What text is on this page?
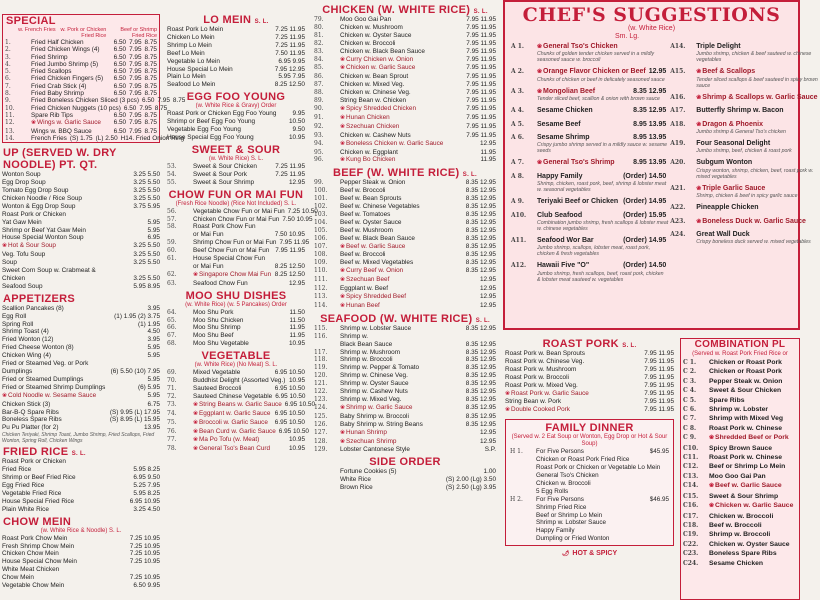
SPECIAL
w. French Fries w. Pork or Chicken Fried Rice
Beef or Shrimp Fried Rice
1.	Fried Half Chicken	6.50 7.95 8.75
2.	Fried Chicken Wings (4)	6.50 7.95 8.75
3.	Fried Shrimp	6.50 7.95 8.75
4.	Fried Jumbo Shrimp (5)	6.50 7.95 8.75
5.	Fried Scallops	6.50 7.95 8.75
6.	Fried Chicken Fingers (5)	6.50 7.95 8.75
7.	Fried Crab Stick (4)	6.50 7.95 8.75
8.	Fried Baby Shrimp	6.50 7.95 8.75
9.	Fried Boneless Chicken Sliced (3 pcs) 6.50 7.95 8.75
10.	Fried Chicken Nuggets (10 pcs) 6.50 7.95 8.75
11.	Spare Rib Tips	6.50 7.95 8.75
12.	❀Wings w. Garlic Sauce	6.50 7.95 8.75
13.	Wings w. BBQ Sauce	6.50 7.95 8.75
14.	French Fries (S) 1.75 (L) 2.50 H14. Fried Onion Ring
UP (SERVED W. DRY NOODLE) PT. QT.
Wonton Soup	3.25 5.50
Egg Drop Soup	3.25 5.50
Tomato Egg Drop Soup	3.25 5.50
Chicken Noodle / Rice Soup	3.25 5.50
Wonton & Egg Drop Soup	3.75 5.95
Roast Pork or Chicken
Yat Gaw Mein	5.95
Shrimp or Beef Yat Gaw Mein	5.95
House Special Wonton Soup	6.95
❀Hot & Sour Soup	3.25 5.50
Veg. Tofu Soup	3.25 5.50
Soup	3.25 5.50
Sweet Corn Soup w. Crabmeat &
Chicken	3.25 5.50
Seafood Soup	5.95 8.95
APPETIZERS
Scallion Pancakes (8)	3.95
Egg Roll	(1) 1.95 (2) 3.75
Spring Roll	(1) 1.95
Shrimp Toast (4)	4.50
Fried Wonton (12)	3.95
Fried Cheese Wonton (8)	5.95
Chicken Wing (4)	5.95
Fried or Steamed Veg. or Pork
Dumplings	(6) 5.50 (10) 7.95
Fried or Steamed Dumplings	5.95
Fried or Steamed Shrimp Dumplings	(6) 5.95
❀Cold Noodle w. Sesame Sauce	5.95
Chicken Stick (3)	6.75
Bar-B-Q Spare Ribs	(S) 9.95 (L) 17.95
Boneless Spare Ribs	(S) 8.95 (L) 15.95
Pu Pu Platter (for 2)	13.95
Chicken Teriyaki, Shrimp Toast, Jumbo Shrimp, Fried Scallops, Fried Wonton, Spring Roll, Chicken Wings
FRIED RICE S. L.
Roast Pork or Chicken
Fried Rice	5.95 8.25
Shrimp or Beef Fried Rice	6.95 9.50
Egg Fried Rice	5.25 7.95
Vegetable Fried Rice	5.95 8.25
House Special Fried Rice	6.95 10.95
Plain White Rice	3.25 4.50
CHOW MEIN
(w. White Rice & Noodle) S. L.
Roast Pork Chow Mein	7.25 10.95
Fresh Shrimp Chow Mein	7.25 10.95
Chicken Chow Mein	7.25 10.95
House Special Chow Mein	7.25 10.95
White Meat Chicken
Chow Mein	7.25 10.95
Vegetable Chow Mein	6.50 9.95
LO MEIN S. L.
Roast Pork Lo Mein	7.25 11.95
Chicken Lo Mein	7.25 11.95
Shrimp Lo Mein	7.25 11.95
Beef Lo Mein	7.50 11.95
Vegetable Lo Mein	6.95 9.95
House Special Lo Mein	7.95 12.95
Plain Lo Mein	5.95 7.95
Seafood Lo Mein	8.25 12.50
EGG FOO YOUNG
(w. White Rice & Gravy) Order
Roast Pork or Chicken Egg Foo Young	9.95
Shrimp or Beef Egg Foo Young	10.50
Vegetable Egg Foo Young	9.50
House Special Egg Foo Young	10.95
SWEET & SOUR
(w. White Rice) S. L.
53.	Sweet & Sour Chicken	7.25 11.95
54.	Sweet & Sour Pork	7.25 11.95
55.	Sweet & Sour Shrimp	12.95
CHOW FUN OR MAI FUN
(Fresh Rice Noodle) (Rice Not Included) S. L.
56.	Vegetable Chow Fun or Mai Fun 7.25 10.50
57.	Chicken Chow Fun or Mai Fun 7.50 10.95
58.	Roast Pork Chow Fun
or Mai Fun	7.50 10.95
59.	Shrimp Chow Fun or Mai Fun 7.95 11.95
60.	Beef Chow Fun or Mai Fun 7.95 11.95
61.	House Special Chow Fun
or Mai Fun	8.25 12.50
62.	❀Singapore Chow Mai Fun 8.25 12.50
63.	Seafood Chow Fun	12.95
MOO SHU DISHES
(w. White Rice) (w. 5 Pancakes) Order
64.	Moo Shu Pork	11.50
65.	Moo Shu Chicken	11.50
66.	Moo Shu Shrimp	11.95
67.	Moo Shu Beef	11.95
68.	Moo Shu Vegetable	10.95
VEGETABLE
(w. White Rice) (No Meat) S. L.
69.	Mixed Vegetable	6.95 10.50
70.	Buddhist Delight (Assorted Veg.) 10.95
71.	Sauteed Broccoli	6.95 10.50
72.	Sauteed Chinese Vegetable 6.95 10.50
73.	❀String Beans w. Garlic Sauce 6.95 10.50
74.	❀Eggplant w. Garlic Sauce 6.95 10.50
75.	❀Broccoli w. Garlic Sauce	6.95 10.50
76.	❀Bean Curd w. Garlic Sauce 6.95 10.50
77.	❀Ma Po Tofu (w. Meat)	10.95
78.	❀General Tso's Bean Curd	10.95
CHICKEN (W. WHITE RICE) S. L.
79.	Moo Goo Gai Pan	7.95 11.95
80.	Chicken w. Mushroom	7.95 11.95
81.	Chicken w. Oyster Sauce	7.95 11.95
82.	Chicken w. Broccoli	7.95 11.95
83.	Chicken w. Black Bean Sauce	7.95 11.95
84.	❀Curry Chicken w. Onion	7.95 11.95
85.	❀Chicken w. Garlic Sauce	7.95 11.95
86.	Chicken w. Bean Sprout	7.95 11.95
87.	Chicken w. Mixed Veg.	7.95 11.95
88.	Chicken w. Chinese Veg.	7.95 11.95
89.	String Bean w. Chicken	7.95 11.95
90.	❀Spicy Shredded Chicken	7.95 11.95
91.	❀Hunan Chicken	7.95 11.95
92.	❀Szechuan Chicken	7.95 11.95
93.	Chicken w. Cashew Nuts	7.95 11.95
94.	❀Boneless Chicken w. Garlic Sauce	12.95
95.	Chicken w. Eggplant	11.95
96.	❀Kung Bo Chicken	11.95
BEEF (W. WHITE RICE) S. L.
99.	Pepper Steak w. Onion	8.35 12.95
100.	Beef w. Broccoli	8.35 12.95
101.	Beef w. Bean Sprouts	8.35 12.95
102.	Beef w. Chinese Vegetables	8.35 12.95
103.	Beef w. Tomatoes	8.35 12.95
104.	Beef w. Oyster Sauce	8.35 12.95
105.	Beef w. Mushroom	8.35 12.95
106.	Beef w. Black Bean Sauce	8.35 12.95
107.	❀Beef w. Garlic Sauce	8.35 12.95
108.	Beef w. Broccoli	8.35 12.95
109.	Beef w. Mixed Vegetables	8.35 12.95
110.	❀Curry Beef w. Onion	8.35 12.95
111.	❀Szechuan Beef	12.95
112.	Eggplant w. Beef	12.95
113.	❀Spicy Shredded Beef	12.95
114.	❀Hunan Beef	12.95
SEAFOOD (W. WHITE RICE) S. L.
115.	Shrimp w. Lobster Sauce	8.35 12.95
116.	Shrimp w.
Black Bean Sauce	8.35 12.95
117.	Shrimp w. Mushroom	8.35 12.95
118.	Shrimp w. Broccoli	8.35 12.95
119.	Shrimp w. Pepper & Tomato	8.35 12.95
120.	Shrimp w. Chinese Veg.	8.35 12.95
121.	Shrimp w. Oyster Sauce	8.35 12.95
122.	Shrimp w. Cashew Nuts	8.35 12.95
123.	Shrimp w. Mixed Veg.	8.35 12.95
124.	❀Shrimp w. Garlic Sauce	8.35 12.95
125.	Baby Shrimp w. Broccoli	8.35 12.95
126.	Baby Shrimp w. String Beans	8.35 12.95
127.	❀Hunan Shrimp	12.95
128.	❀Szechuan Shrimp	12.95
129.	Lobster Cantonese Style	S.P.
SIDE ORDER
Fortune Cookies (5)	1.00
White Rice	(S) 2.00 (Lg) 3.50
Brown Rice	(S) 2.50 (Lg) 3.95
CHEF'S SUGGESTIONS
(w. White Rice)
Sm. Lg.
A 1.	❀General Tso's Chicken
Chunks of golden tender chicken served in a mildly seasoned sauce w. broccoli
A 2.	❀Orange Flavor Chicken or Beef 12.95
Chunks of chicken or beef in delicately seasoned sauce
A 3.	❀Mongolian Beef	8.35 12.95
Tender sliced beef, scallion & onion with brown sauce
A 4.	Sesame Chicken	8.35 12.95
A 5.	Sesame Beef	8.95 13.95
A 6.	Sesame Shrimp	8.95 13.95
Crispy jumbo shrimp served in a mildly sauce w. sesame seeds
A 7.	❀General Tso's Shrimp	8.95 13.95
A 8.	Happy Family	(Order) 14.50
Shrimp, chicken, roast pork, beef, shrimp & lobster meat w. seasonal vegetables
A 9.	Teriyaki Beef or Chicken (Order) 14.95
A10.	Club Seafood	(Order) 15.95
Combination jumbo shrimp, fresh scallops & lobster meat w. chinese vegetables
A11.	Seafood Wor Bar	(Order) 14.95
Jumbo shrimp, scallops, lobster meat, roast pork, chicken & fresh vegetables
A12.	Hawaii Five "O"	(Order) 14.50
Jumbo shrimp, fresh scallops, beef, roast pork, chicken & lobster meat sauteed w. vegetables
A14.	Triple Delight
Jumbo shrimp, chicken & beef sauteed w. chinese vegetables
A15.	❀Beef & Scallops
Tender sliced scallops & beef sauteed in spicy brown sauce
A16.	❀Shrimp & Scallops w. Garlic Sauce
A17.	Butterfly Shrimp w. Bacon
A18.	❀Dragon & Phoenix
Jumbo shrimp & General Tso's chicken
A19.	Four Seasonal Delight
Jumbo shrimp, beef, chicken & roast pork
A20.	Subgum Wonton
Crispy wonton, shrimp, chicken, beef, roast pork w. mixed vegetables
A21.	❀Triple Garlic Sauce
Shrimp, chicken & beef in spicy garlic sauce
A22.	Pineapple Chicken
A23.	❀Boneless Duck w. Garlic Sauce
A24.	Great Wall Duck
Crispy boneless duck served w. mixed vegetables
ROAST PORK S. L.
Roast Pork w. Bean Sprouts	7.95 11.95
Roast Pork w. Chinese Veg.	7.95 11.95
Roast Pork w. Mushroom	7.95 11.95
Roast Pork w. Broccoli	7.95 11.95
Roast Pork w. Mixed Veg.	7.95 11.95
❀Roast Pork w. Garlic Sauce	7.95 11.95
String Bean w. Pork	7.95 11.95
❀Double Cooked Pork	7.95 11.95
FAMILY DINNER
(Served w. 2 Eat Soup or Wonton, Egg Drop or Hot & Sour Soup)
H 1.	For Five Persons	$45.95
Chicken or Roast Pork Fried Rice
Roast Pork or Chicken or Vegetable Lo Mein
General Tso's Chicken
Chicken w. Broccoli
5 Egg Rolls
H 2.	For Five Persons	$46.95
Shrimp Fried Rice
Beef or Shrimp Lo Mein
Shrimp w. Lobster Sauce
Happy Family
Dumpling or Fried Wonton
🌶 HOT & SPICY
COMBINATION PL
(Served w. Roast Pork Fried Rice or
C 1.	Chicken or Roast Pork
C 2.	Chicken or Roast Pork
C 3.	Pepper Steak w. Onion
C 4.	Sweet & Sour Chicken
C 5.	Spare Ribs
C 6.	Shrimp w. Lobster
C 7.	Shrimp with Mixed Veg
C 8.	Roast Pork w. Chinese
C 9.	❀Shredded Beef or Pork
C10.	Spicy Brown Sauce
C11.	Roast Pork w. Chinese
C12.	Beef or Shrimp Lo Mein
C13.	Moo Goo Gai Pan
C14.	❀Beef w. Garlic Sauce
C15.	Sweet & Sour Shrimp
C16.	❀Chicken w. Garlic Sauce
C17.	Chicken w. Broccoli
C18.	Beef w. Broccoli
C19.	Shrimp w. Broccoli
C22.	Chicken w. Oyster Sauce
C23.	Boneless Spare Ribs
C24.	Sesame Chicken
